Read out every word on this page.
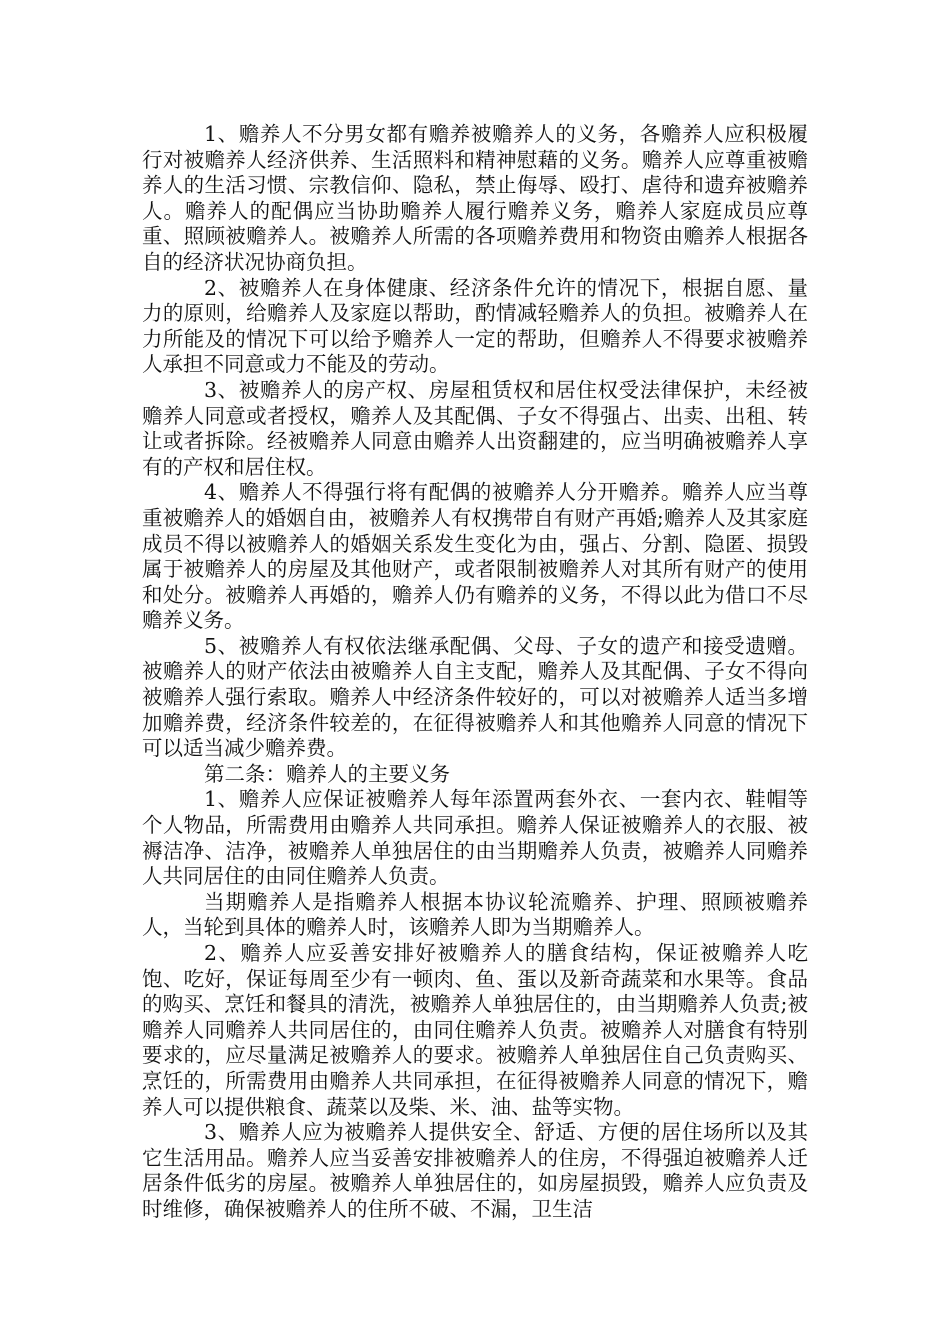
1、赡养人不分男女都有赡养被赡养人的义务，各赡养人应积极履行对被赡养人经济供养、生活照料和精神慰藉的义务。赡养人应尊重被赡养人的生活习惯、宗教信仰、隐私，禁止侮辱、殴打、虐待和遗弃被赡养人。赡养人的配偶应当协助赡养人履行赡养义务，赡养人家庭成员应尊重、照顾被赡养人。被赡养人所需的各项赡养费用和物资由赡养人根据各自的经济状况协商负担。

2、被赡养人在身体健康、经济条件允许的情况下，根据自愿、量力的原则，给赡养人及家庭以帮助，酌情减轻赡养人的负担。被赡养人在力所能及的情况下可以给予赡养人一定的帮助，但赡养人不得要求被赡养人承担不同意或力不能及的劳动。

3、被赡养人的房产权、房屋租赁权和居住权受法律保护，未经被赡养人同意或者授权，赡养人及其配偶、子女不得强占、出卖、出租、转让或者拆除。经被赡养人同意由赡养人出资翻建的，应当明确被赡养人享有的产权和居住权。

4、赡养人不得强行将有配偶的被赡养人分开赡养。赡养人应当尊重被赡养人的婚姻自由，被赡养人有权携带自有财产再婚;赡养人及其家庭成员不得以被赡养人的婚姻关系发生变化为由，强占、分割、隐匿、损毁属于被赡养人的房屋及其他财产，或者限制被赡养人对其所有财产的使用和处分。被赡养人再婚的，赡养人仍有赡养的义务，不得以此为借口不尽赡养义务。

5、被赡养人有权依法继承配偶、父母、子女的遗产和接受遗赠。被赡养人的财产依法由被赡养人自主支配，赡养人及其配偶、子女不得向被赡养人强行索取。赡养人中经济条件较好的，可以对被赡养人适当多增加赡养费，经济条件较差的，在征得被赡养人和其他赡养人同意的情况下可以适当减少赡养费。

第二条：赡养人的主要义务

1、赡养人应保证被赡养人每年添置两套外衣、一套内衣、鞋帽等个人物品，所需费用由赡养人共同承担。赡养人保证被赡养人的衣服、被褥洁净、洁净，被赡养人单独居住的由当期赡养人负责，被赡养人同赡养人共同居住的由同住赡养人负责。

当期赡养人是指赡养人根据本协议轮流赡养、护理、照顾被赡养人，当轮到具体的赡养人时，该赡养人即为当期赡养人。

2、赡养人应妥善安排好被赡养人的膳食结构，保证被赡养人吃饱、吃好，保证每周至少有一顿肉、鱼、蛋以及新奇蔬菜和水果等。食品的购买、烹饪和餐具的清洗，被赡养人单独居住的，由当期赡养人负责;被赡养人同赡养人共同居住的，由同住赡养人负责。被赡养人对膳食有特别要求的，应尽量满足被赡养人的要求。被赡养人单独居住自己负责购买、烹饪的，所需费用由赡养人共同承担，在征得被赡养人同意的情况下，赡养人可以提供粮食、蔬菜以及柴、米、油、盐等实物。

3、赡养人应为被赡养人提供安全、舒适、方便的居住场所以及其它生活用品。赡养人应当妥善安排被赡养人的住房，不得强迫被赡养人迁居条件低劣的房屋。被赡养人单独居住的，如房屋损毁，赡养人应负责及时维修，确保被赡养人的住所不破、不漏，卫生洁
